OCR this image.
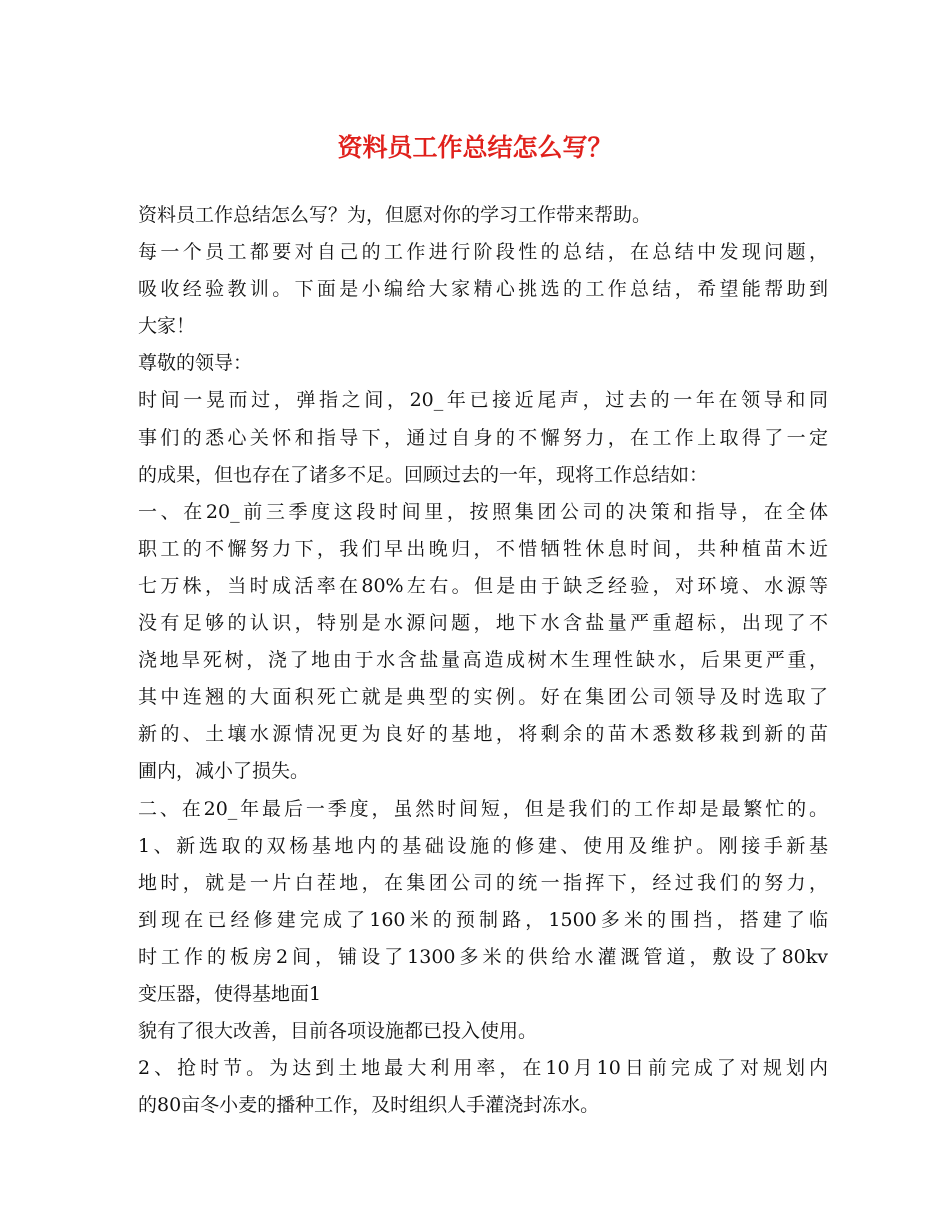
资料员工作总结怎么写？
资料员工作总结怎么写？为，但愿对你的学习工作带来帮助。
每一个员工都要对自己的工作进行阶段性的总结，在总结中发现问题，
吸收经验教训。下面是小编给大家精心挑选的工作总结，希望能帮助到
大家！
尊敬的领导：
时间一晃而过，弹指之间，20_年已接近尾声，过去的一年在领导和同
事们的悉心关怀和指导下，通过自身的不懈努力，在工作上取得了一定
的成果，但也存在了诸多不足。回顾过去的一年，现将工作总结如：
一、在20_前三季度这段时间里，按照集团公司的决策和指导，在全体
职工的不懈努力下，我们早出晚归，不惜牺牲休息时间，共种植苗木近
七万株，当时成活率在80%左右。但是由于缺乏经验，对环境、水源等
没有足够的认识，特别是水源问题，地下水含盐量严重超标，出现了不
浇地旱死树，浇了地由于水含盐量高造成树木生理性缺水，后果更严重，
其中连翘的大面积死亡就是典型的实例。好在集团公司领导及时选取了
新的、土壤水源情况更为良好的基地，将剩余的苗木悉数移栽到新的苗
圃内，减小了损失。
二、在20_年最后一季度，虽然时间短，但是我们的工作却是最繁忙的。
1、新选取的双杨基地内的基础设施的修建、使用及维护。刚接手新基
地时，就是一片白茬地，在集团公司的统一指挥下，经过我们的努力，
到现在已经修建完成了160米的预制路，1500多米的围挡，搭建了临
时工作的板房2间，铺设了1300多米的供给水灌溉管道，敷设了80kv
变压器，使得基地面1
貌有了很大改善，目前各项设施都已投入使用。
2、抢时节。为达到土地最大利用率，在10月10日前完成了对规划内
的80亩冬小麦的播种工作，及时组织人手灌浇封冻水。
